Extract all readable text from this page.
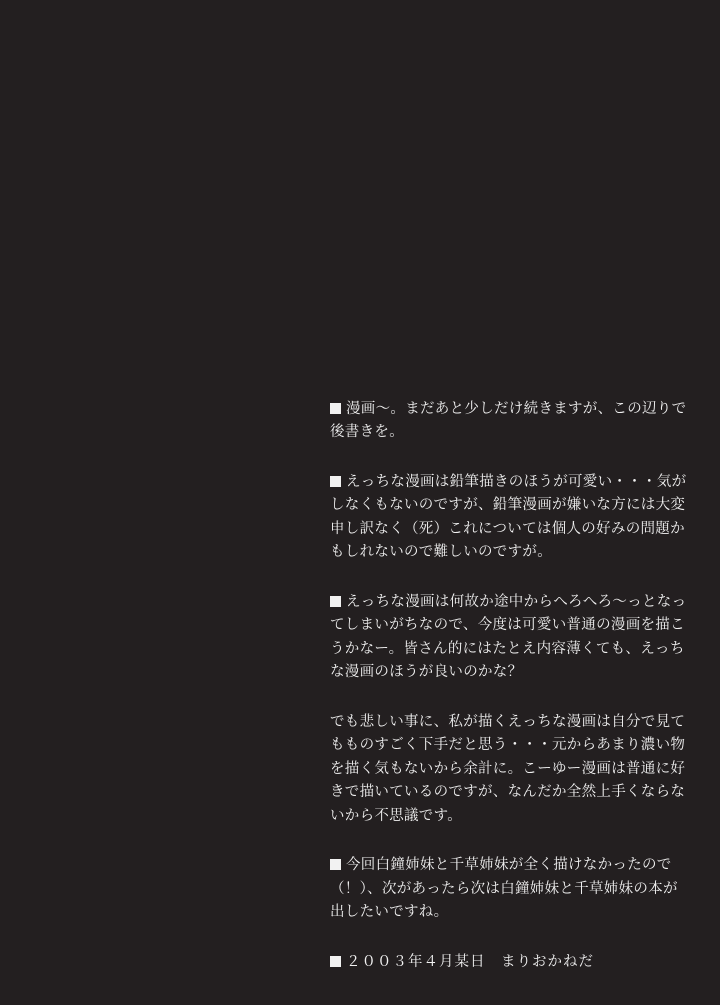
漫画〜。まだあと少しだけ続きますが、この辺りで後書きを。
えっちな漫画は鉛筆描きのほうが可愛い・・・気がしなくもないのですが、鉛筆漫画が嫌いな方には大変申し訳なく（死）これについては個人の好みの問題かもしれないので難しいのですが。
えっちな漫画は何故か途中からへろへろ〜っとなってしまいがちなので、今度は可愛い普通の漫画を描こうかなー。皆さん的にはたとえ内容薄くても、えっちな漫画のほうが良いのかな？
でも悲しい事に、私が描くえっちな漫画は自分で見てもものすごく下手だと思う・・・元からあまり濃い物を描く気もないから余計に。こーゆー漫画は普通に好きで描いているのですが、なんだか全然上手くならないから不思議です。
今回白鐘姉妹と千草姉妹が全く描けなかったので（！）、次があったら次は白鐘姉妹と千草姉妹の本が出したいですね。
２００３年４月某日　まりおかねだ
